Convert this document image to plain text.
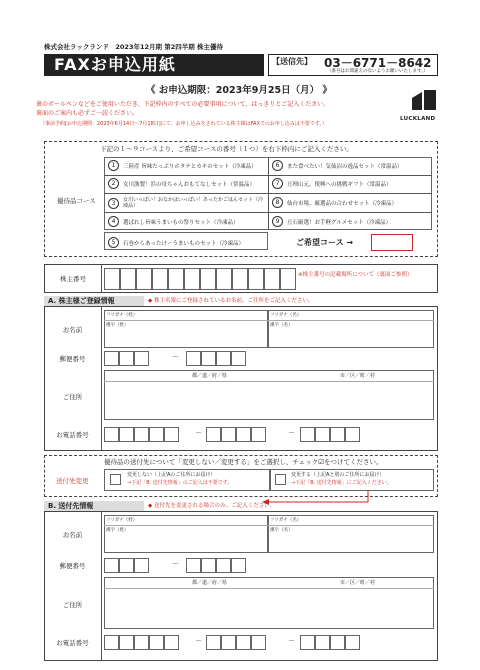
株式会社ラックランド　2023年12月期 第2四半期 株主優待
FAXお申込用紙	【送信先】 03－6771－8642
（番号はお間違えのないようお願いいたします。）
《 お申込期限：2023年9月25日（月） 》
LUCKLAND
裏のボールペンなどをご使用いただき、下記枠内のすべての必要事項について、はっきりとご記入ください。
裏面のご案内も必ずご一読ください。
（事前予約[お申込期間：2023年6月14日～7月18日]にて、お申し込みをされている株主様はFAXでのお申し込みは不要です。）
下記の１～９コースより、ご希望コースの番号（１つ）を右下枠内にご記入ください。
優待品コース
1	三陸産 旨味たっぷりホタテとカキのセット（冷凍品）	6	また食べたい！気仙沼の逸品セット（常温品）
2	女川漁製！浜の母ちゃんおもてなしセット（常温品）	7	亘理山元、復興への挑戦ギフト（常温品）
3	女川いっぱい！おなかはいっぱい！あったかごはんセット（冷凍品）	8	仙台市場、厳選品の合わせセット（冷凍品）
4	選ばれし旨味うまいもの祭りセット（冷凍品）	9	亘石厳選！お手軽グルメセット（冷凍品）
5	石巻からあったけーうまいものセット（冷凍品）	ご希望コース →
株主番号	※株主番号の記載場所について（裏面ご参照）
A. 株主様ご登録情報	◆ 株主名簿にご登録されているお名前、ご住所をご記入ください。
お名前
フリガナ（姓）	フリガナ（名）
漢字（姓）	漢字（名）
郵便番号	－
都／道／府／県	市／区／町／村
ご住所
お電話番号	－	－
優待品の送付先について「変更しない／変更する」をご選択し、チェック☑をつけてください。
送付先変更
変更しない（上記Aのご住所にお届け）
→下記「B. 送付先情報」のご記入は不要です。
変更する（上記Aと別のご住所にお届け）
→下記「B. 送付先情報」にご記入ください。
B. 送付先情報	◆ 送付先を変更される場合のみ、ご記入ください。
お名前
フリガナ（姓）	フリガナ（名）
漢字（姓）	漢字（名）
郵便番号	－
都／道／府／県	市／区／町／村
ご住所
お電話番号	－	－
